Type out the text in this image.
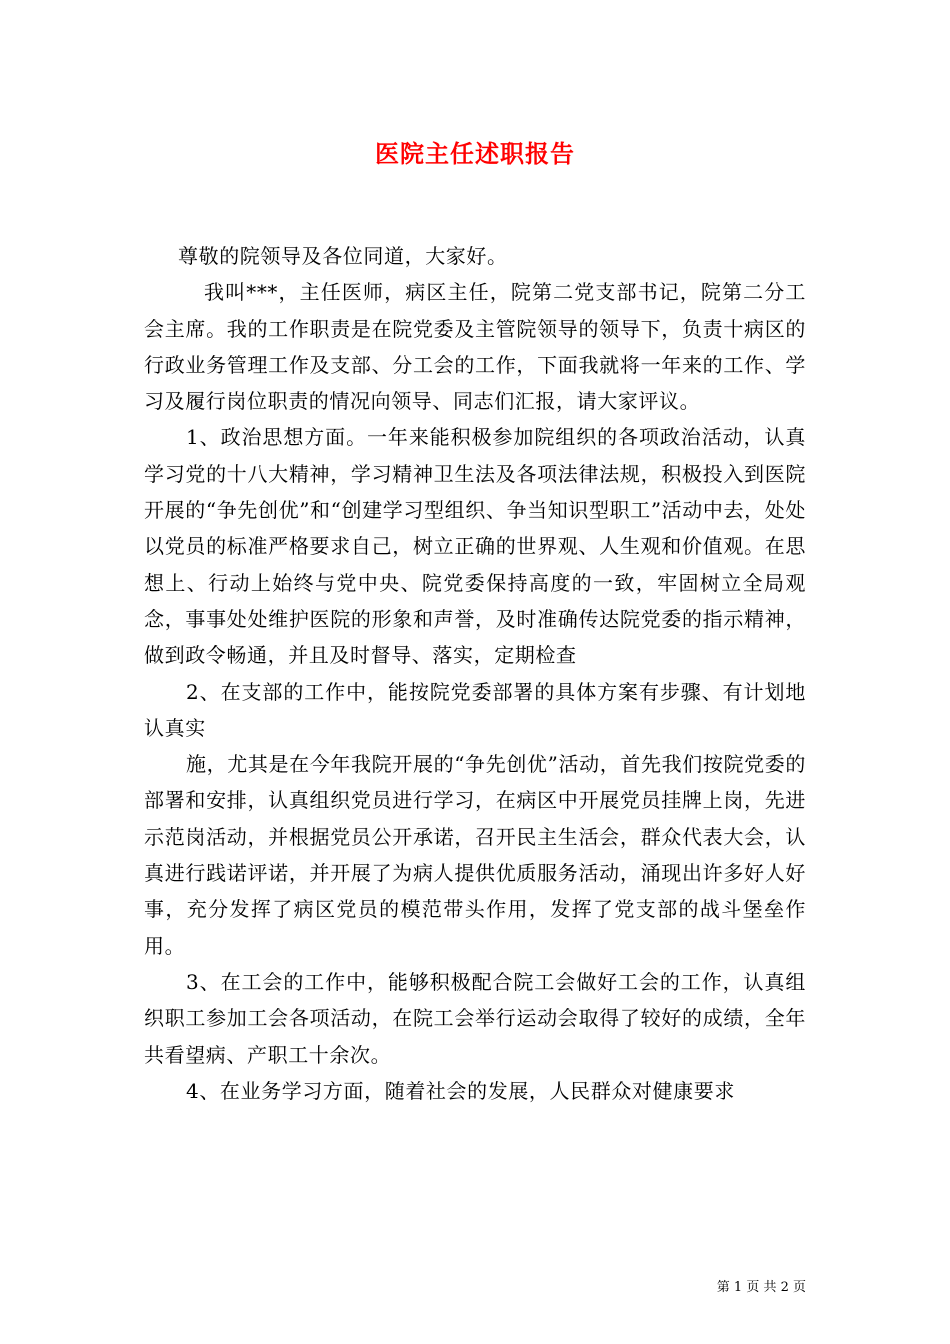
医院主任述职报告

尊敬的院领导及各位同道，大家好。

我叫***，主任医师，病区主任，院第二党支部书记，院第二分工会主席。我的工作职责是在院党委及主管院领导的领导下，负责十病区的行政业务管理工作及支部、分工会的工作，下面我就将一年来的工作、学习及履行岗位职责的情况向领导、同志们汇报，请大家评议。

1、政治思想方面。一年来能积极参加院组织的各项政治活动，认真学习党的十八大精神，学习精神卫生法及各项法律法规，积极投入到医院开展的“争先创优”和“创建学习型组织、争当知识型职工”活动中去，处处以党员的标准严格要求自己，树立正确的世界观、人生观和价值观。在思想上、行动上始终与党中央、院党委保持高度的一致，牢固树立全局观念，事事处处维护医院的形象和声誉，及时准确传达院党委的指示精神，做到政令畅通，并且及时督导、落实，定期检查

2、在支部的工作中，能按院党委部署的具体方案有步骤、有计划地认真实

施，尤其是在今年我院开展的“争先创优”活动，首先我们按院党委的部署和安排，认真组织党员进行学习，在病区中开展党员挂牌上岗，先进示范岗活动，并根据党员公开承诺，召开民主生活会，群众代表大会，认真进行践诺评诺，并开展了为病人提供优质服务活动，涌现出许多好人好事，充分发挥了病区党员的模范带头作用，发挥了党支部的战斗堡垒作用。

3、在工会的工作中，能够积极配合院工会做好工会的工作，认真组织职工参加工会各项活动，在院工会举行运动会取得了较好的成绩，全年共看望病、产职工十余次。

4、在业务学习方面，随着社会的发展，人民群众对健康要求

第 1 页 共 2 页
